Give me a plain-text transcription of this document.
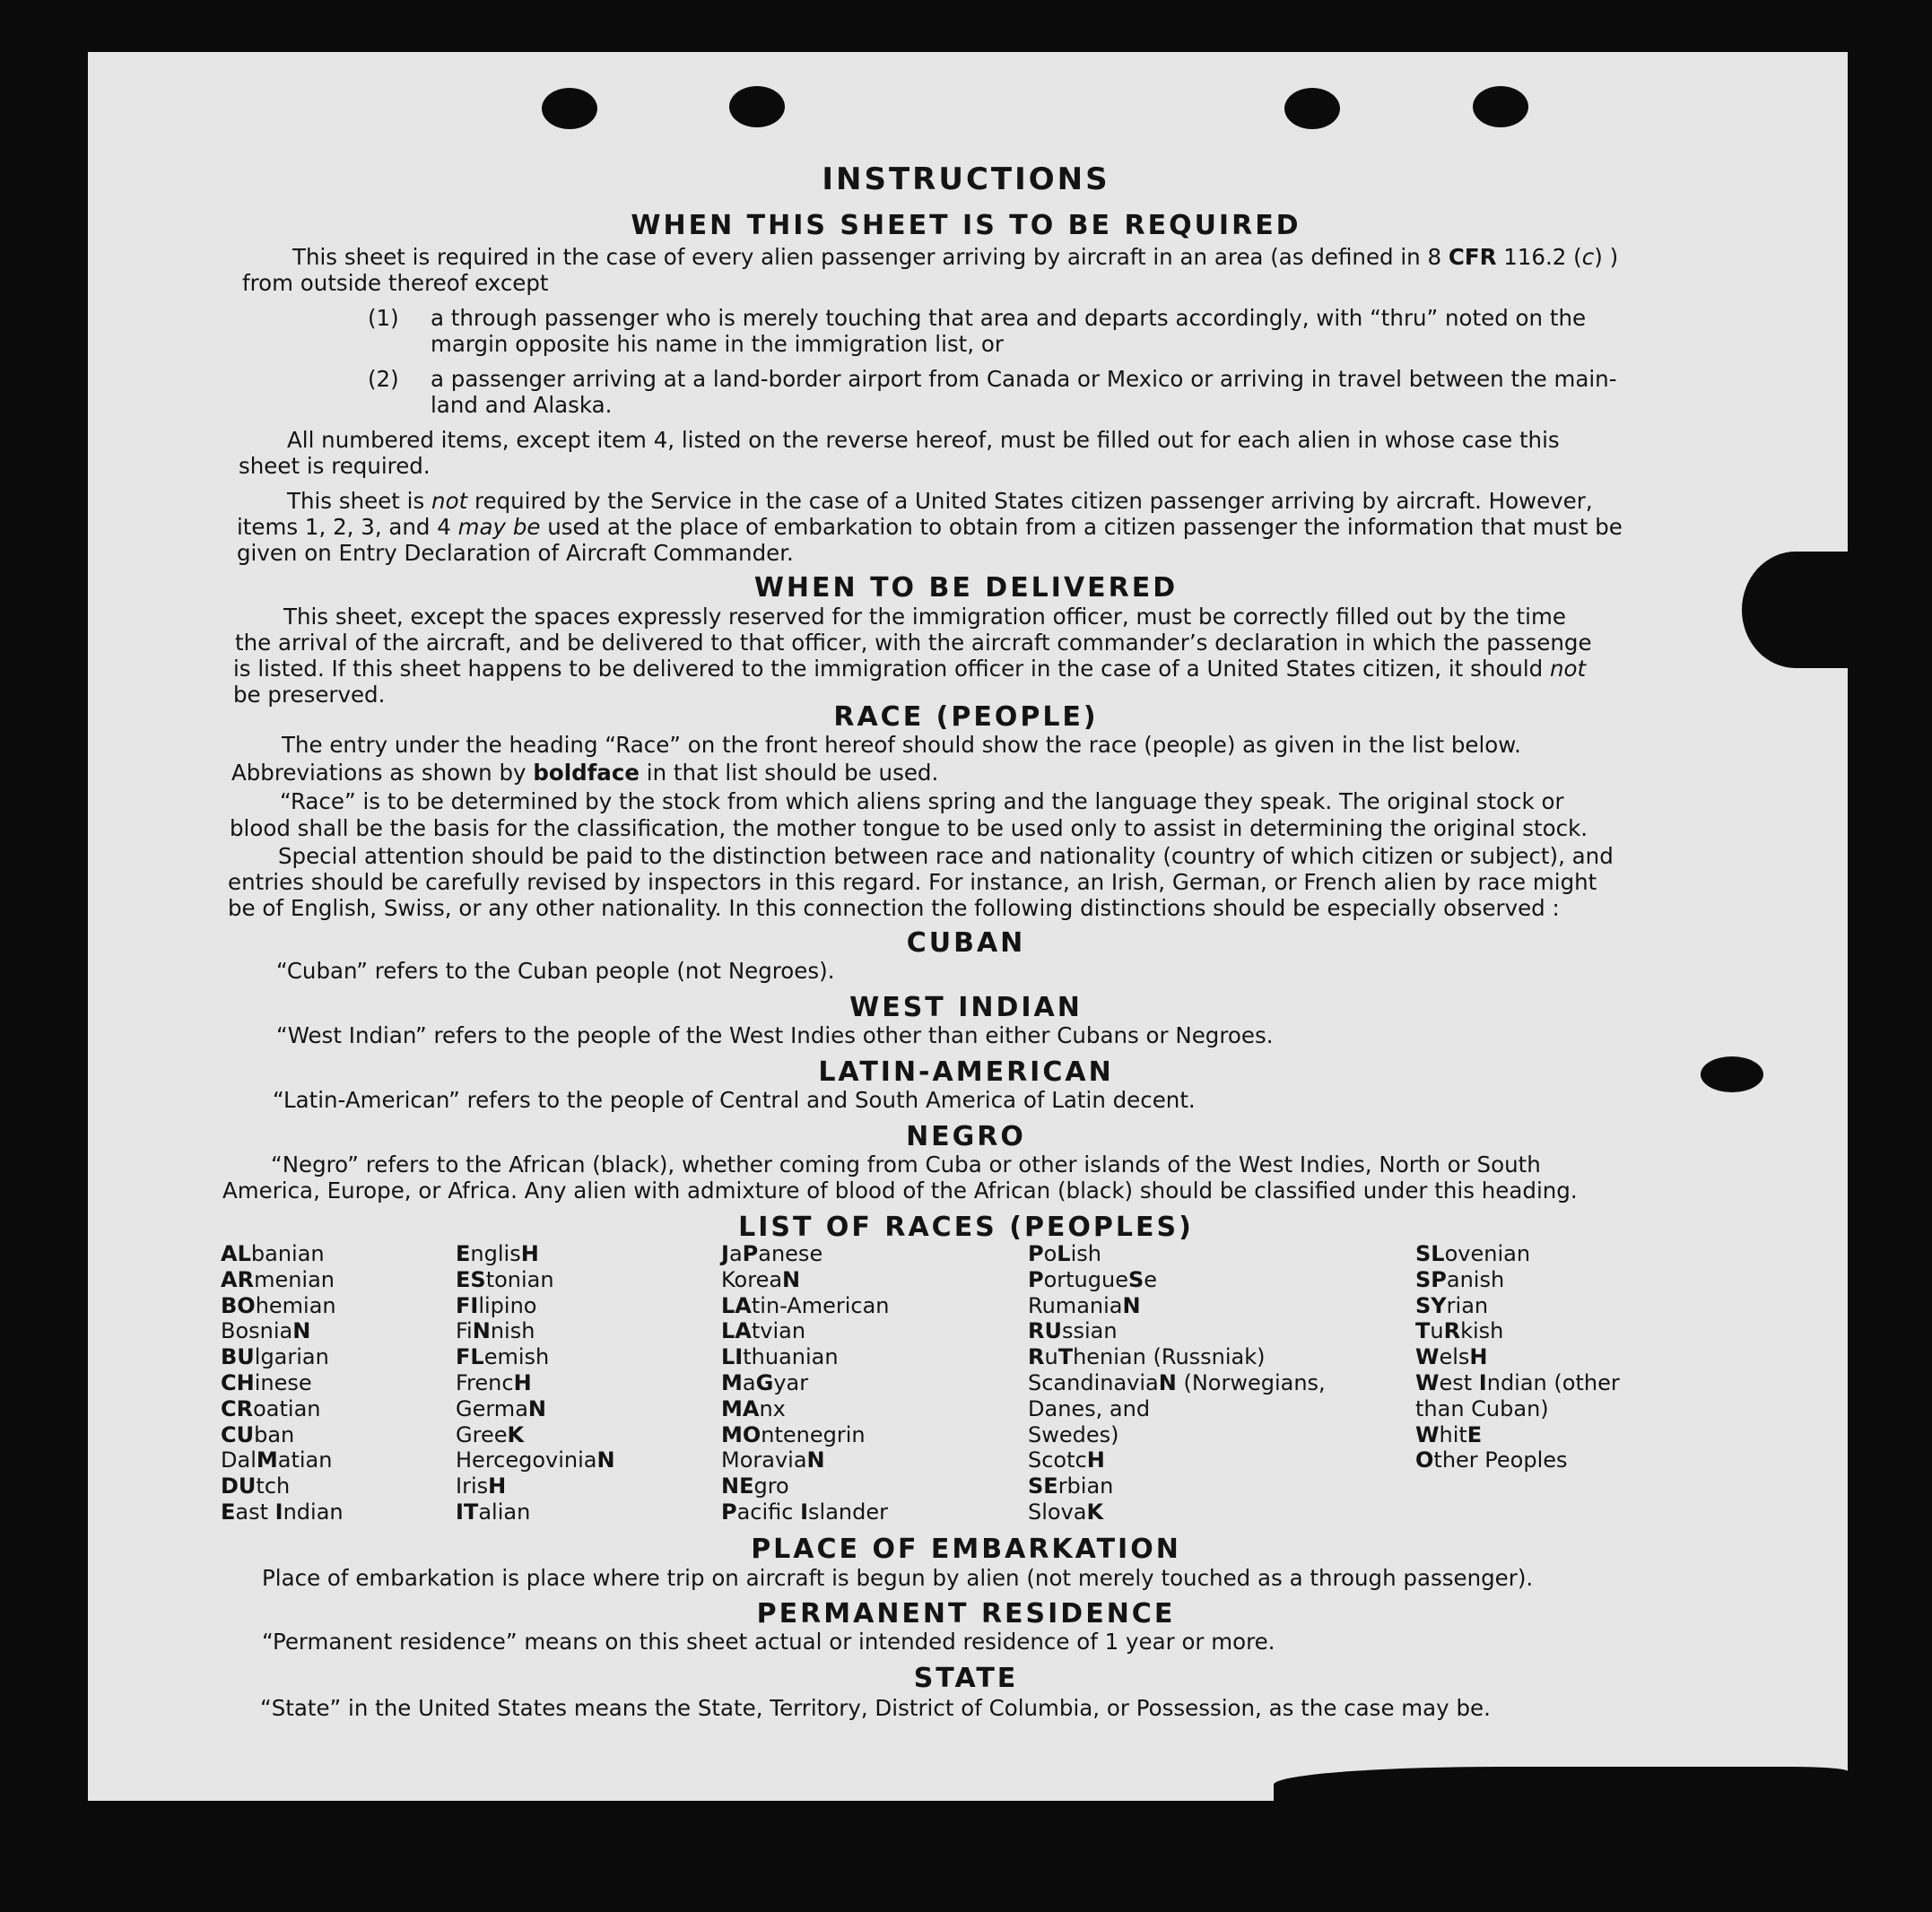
INSTRUCTIONS
WHEN THIS SHEET IS TO BE REQUIRED
This sheet is required in the case of every alien passenger arriving by aircraft in an area (as defined in 8 CFR 116.2 (c) )
from outside thereof except
(1) a through passenger who is merely touching that area and departs accordingly, with “thru” noted on the
margin opposite his name in the immigration list, or
(2) a passenger arriving at a land-border airport from Canada or Mexico or arriving in travel between the main-
land and Alaska.
All numbered items, except item 4, listed on the reverse hereof, must be filled out for each alien in whose case this
sheet is required.
This sheet is not required by the Service in the case of a United States citizen passenger arriving by aircraft. However,
items 1, 2, 3, and 4 may be used at the place of embarkation to obtain from a citizen passenger the information that must be
given on Entry Declaration of Aircraft Commander.
WHEN TO BE DELIVERED
This sheet, except the spaces expressly reserved for the immigration officer, must be correctly filled out by the time
the arrival of the aircraft, and be delivered to that officer, with the aircraft commander’s declaration in which the passenge
is listed. If this sheet happens to be delivered to the immigration officer in the case of a United States citizen, it should not
be preserved.
RACE (PEOPLE)
The entry under the heading “Race” on the front hereof should show the race (people) as given in the list below.
Abbreviations as shown by boldface in that list should be used.
“Race” is to be determined by the stock from which aliens spring and the language they speak. The original stock or
blood shall be the basis for the classification, the mother tongue to be used only to assist in determining the original stock.
Special attention should be paid to the distinction between race and nationality (country of which citizen or subject), and
entries should be carefully revised by inspectors in this regard. For instance, an Irish, German, or French alien by race might
be of English, Swiss, or any other nationality. In this connection the following distinctions should be especially observed :
CUBAN
“Cuban” refers to the Cuban people (not Negroes).
WEST INDIAN
“West Indian” refers to the people of the West Indies other than either Cubans or Negroes.
LATIN-AMERICAN
“Latin-American” refers to the people of Central and South America of Latin decent.
NEGRO
“Negro” refers to the African (black), whether coming from Cuba or other islands of the West Indies, North or South
America, Europe, or Africa. Any alien with admixture of blood of the African (black) should be classified under this heading.
LIST OF RACES (PEOPLES)
ALbanian
ARmenian
BOhemian
BosniaN
BUlgarian
CHinese
CRoatian
CUban
DalMatian
DUtch
East Indian
EnglisH
EStonian
FIlipino
FiNnish
FLemish
FrencH
GermaN
GreeK
HercegoviniaN
IrisH
ITalian
JaPanese
KoreaN
LAtin-American
LAtvian
LIthuanian
MaGyar
MAnx
MOntenegrin
MoraviaN
NEgro
Pacific Islander
PoLish
PortugueSe
RumaniaN
RUssian
RuThenian (Russniak)
ScandinaviaN (Norwegians,
Danes, and
Swedes)
ScotcH
SErbian
SlovaK
SLovenian
SPanish
SYrian
TuRkish
WelsH
West Indian (other
than Cuban)
WhitE
Other Peoples
PLACE OF EMBARKATION
Place of embarkation is place where trip on aircraft is begun by alien (not merely touched as a through passenger).
PERMANENT RESIDENCE
“Permanent residence” means on this sheet actual or intended residence of 1 year or more.
STATE
“State” in the United States means the State, Territory, District of Columbia, or Possession, as the case may be.
